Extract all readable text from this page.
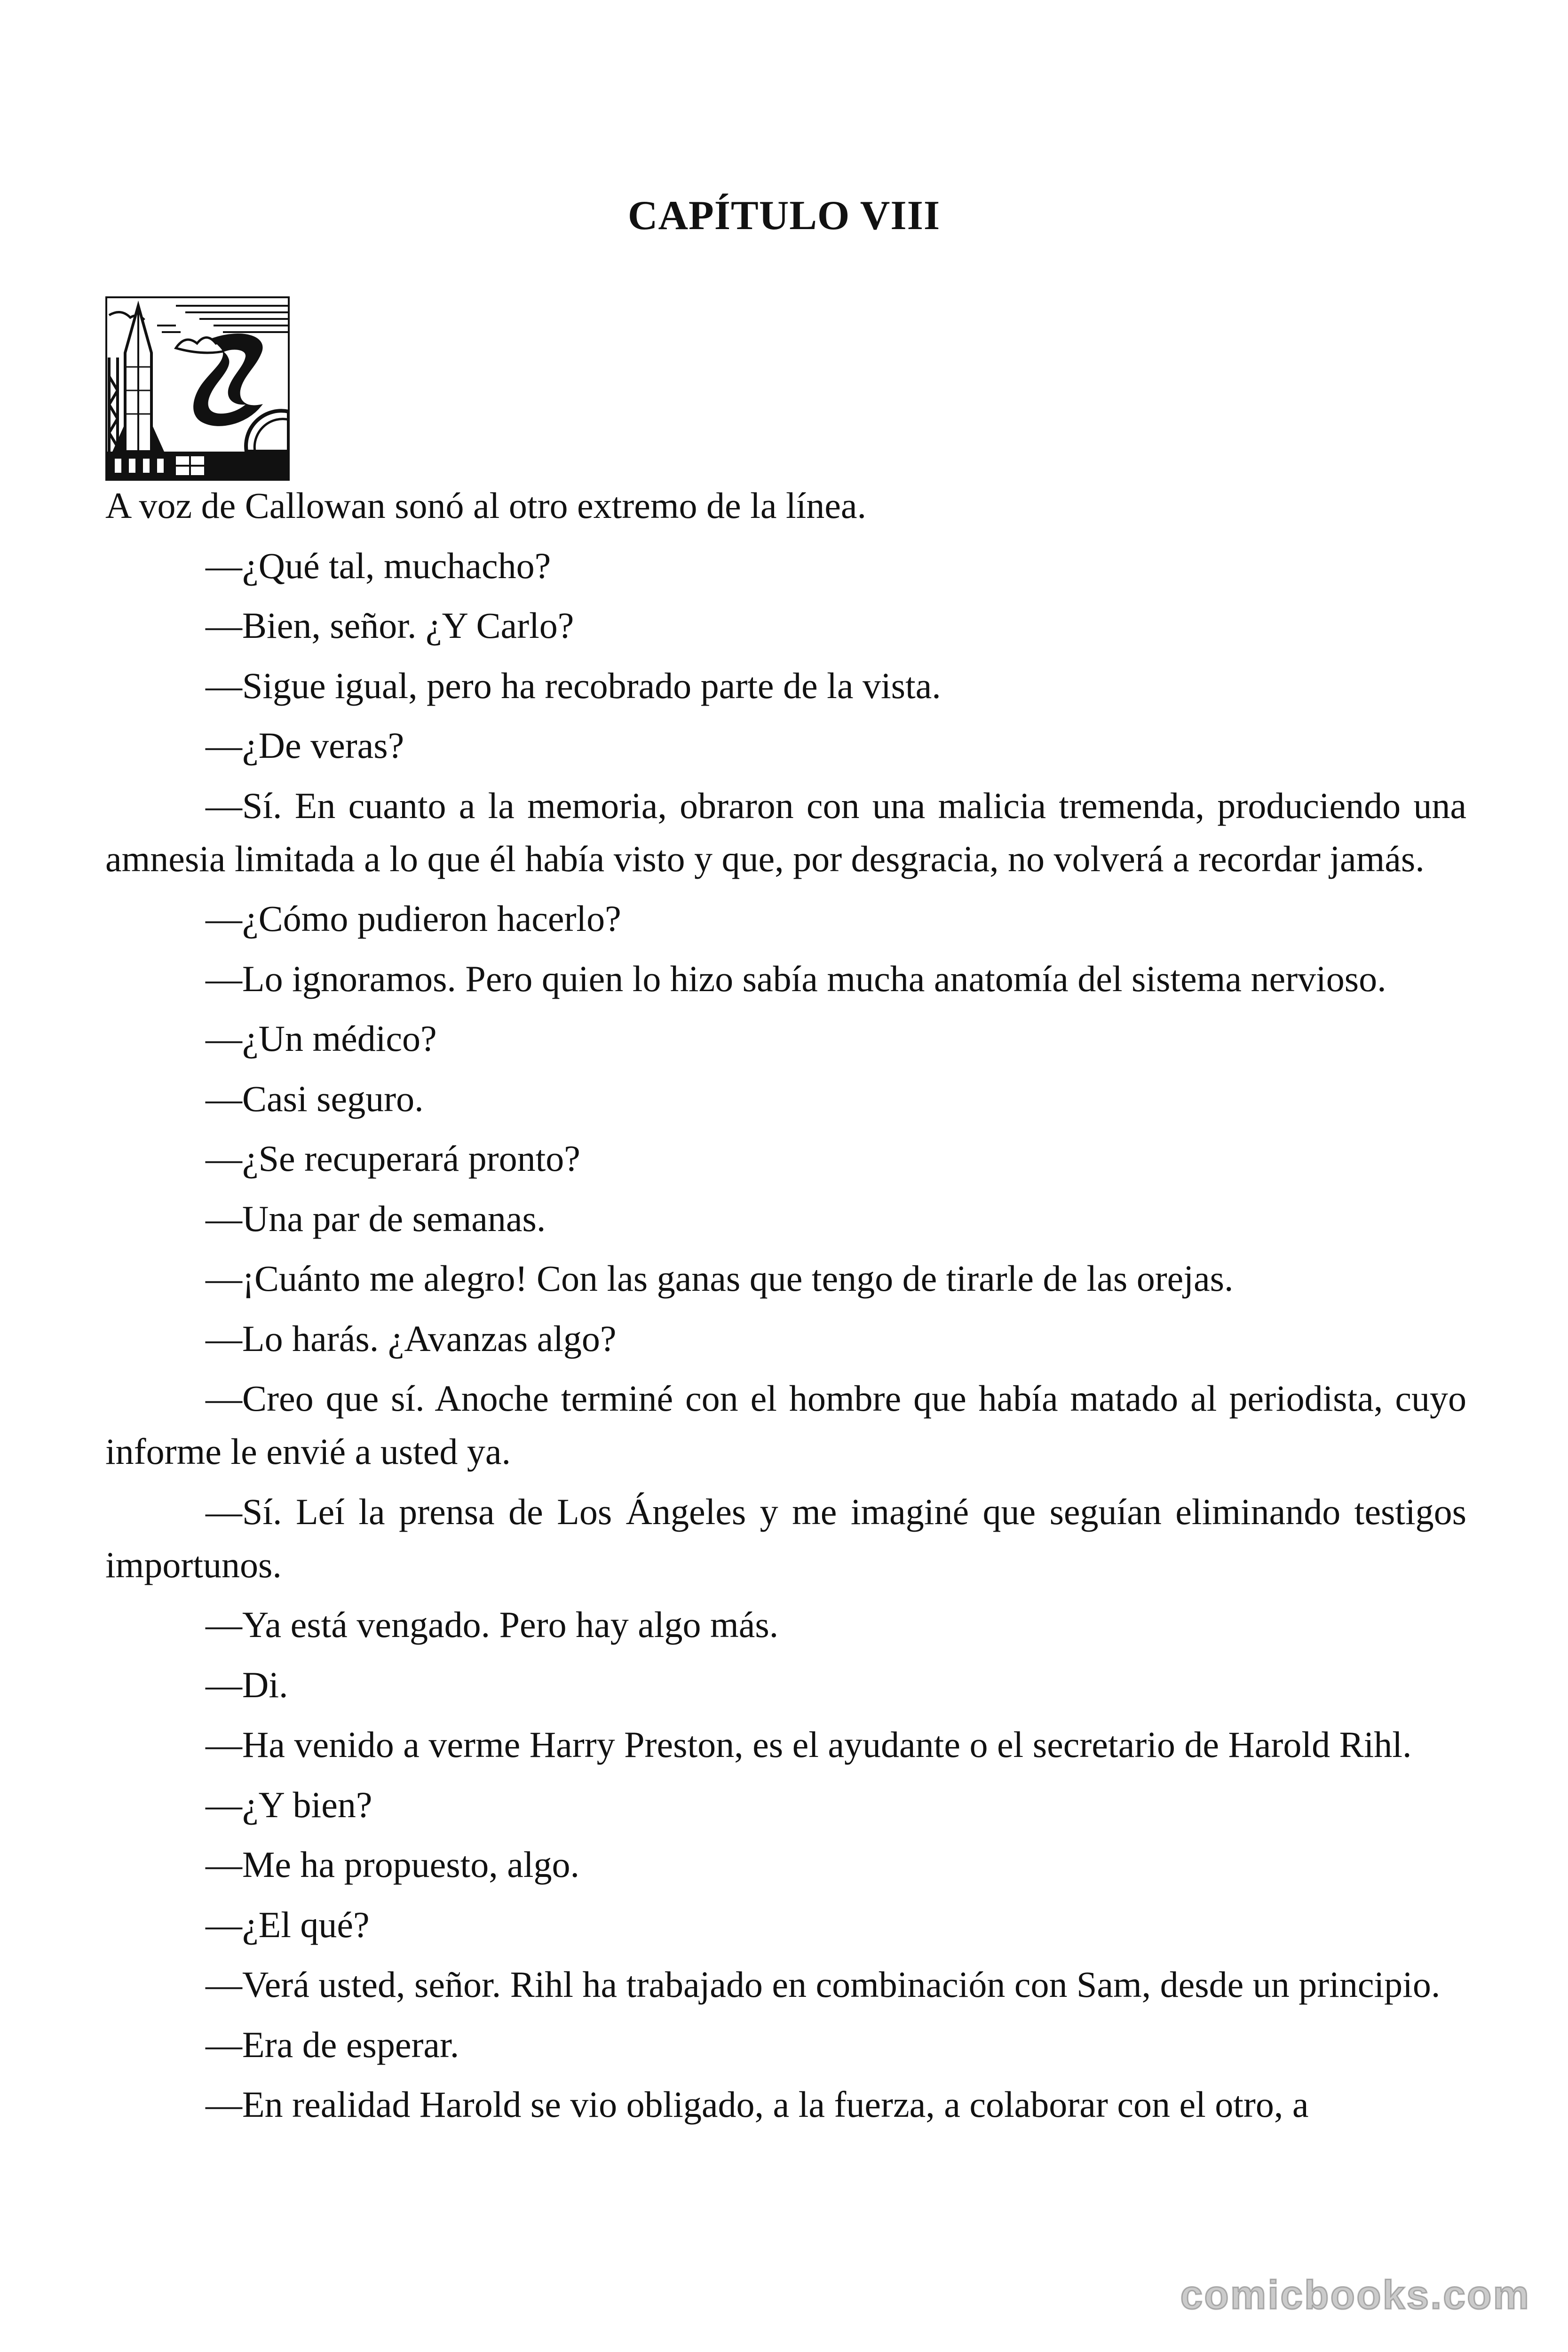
CAPÍTULO VIII

A voz de Callowan sonó al otro extremo de la línea.

—¿Qué tal, muchacho?

—Bien, señor. ¿Y Carlo?

—Sigue igual, pero ha recobrado parte de la vista.

—¿De veras?

—Sí. En cuanto a la memoria, obraron con una malicia tremenda, produciendo una amnesia limitada a lo que él había visto y que, por desgracia, no volverá a recordar jamás.

—¿Cómo pudieron hacerlo?

—Lo ignoramos. Pero quien lo hizo sabía mucha anatomía del sistema nervioso.

—¿Un médico?

—Casi seguro.

—¿Se recuperará pronto?

—Una par de semanas.

—¡Cuánto me alegro! Con las ganas que tengo de tirarle de las orejas.

—Lo harás. ¿Avanzas algo?

—Creo que sí. Anoche terminé con el hombre que había matado al periodista, cuyo informe le envié a usted ya.

—Sí. Leí la prensa de Los Ángeles y me imaginé que seguían eliminando testigos importunos.

—Ya está vengado. Pero hay algo más.

—Di.

—Ha venido a verme Harry Preston, es el ayudante o el secretario de Harold Rihl.

—¿Y bien?

—Me ha propuesto, algo.

—¿El qué?

—Verá usted, señor. Rihl ha trabajado en combinación con Sam, desde un principio.

—Era de esperar.

—En realidad Harold se vio obligado, a la fuerza, a colaborar con el otro, a

comicbooks.com
